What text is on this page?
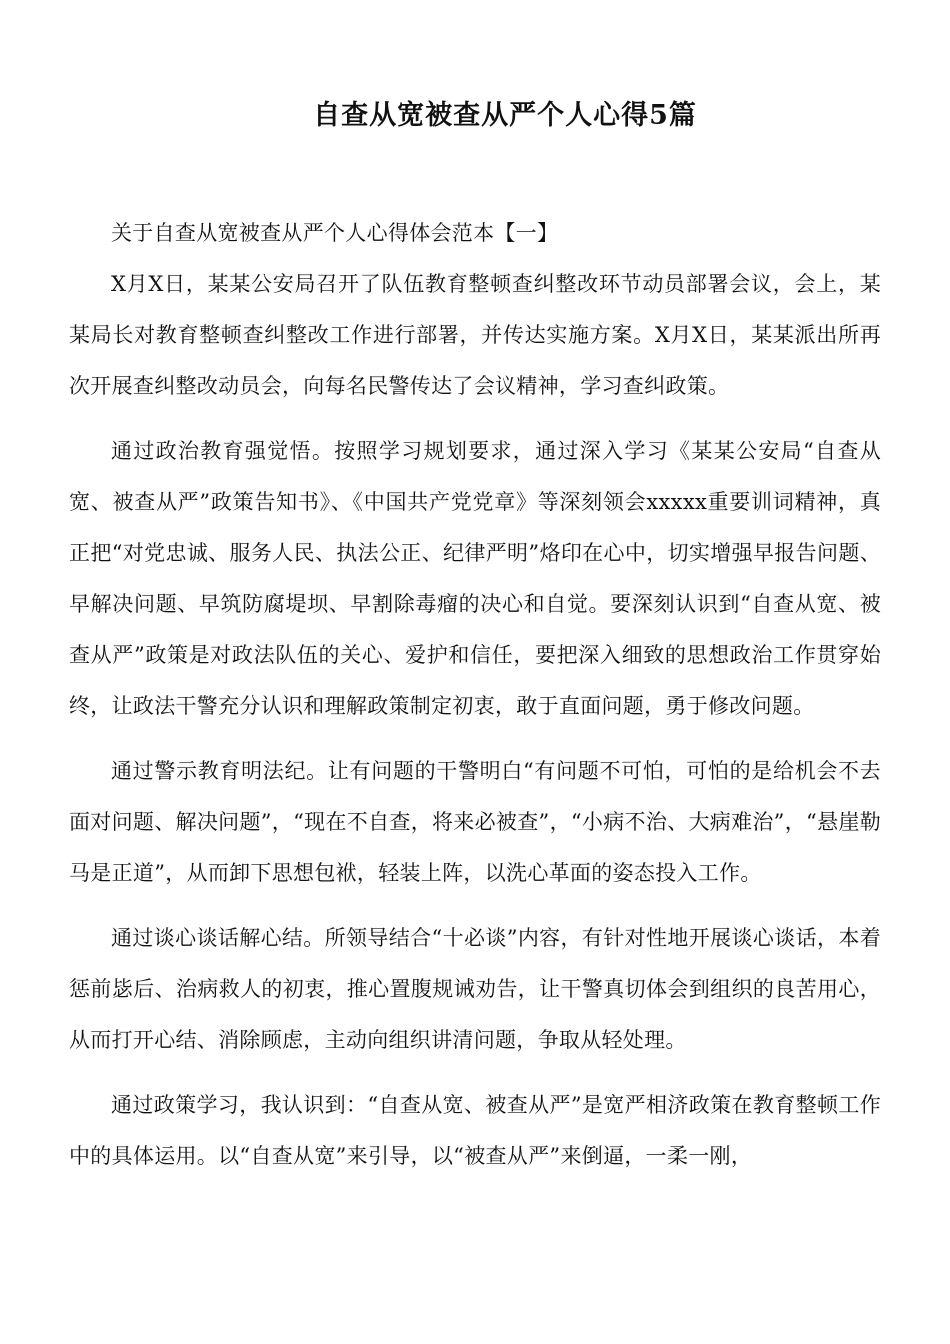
自查从宽被查从严个人心得5篇

关于自查从宽被查从严个人心得体会范本【一】

X月X日，某某公安局召开了队伍教育整顿查纠整改环节动员部署会议，会上，某某局长对教育整顿查纠整改工作进行部署，并传达实施方案。X月X日，某某派出所再次开展查纠整改动员会，向每名民警传达了会议精神，学习查纠政策。

通过政治教育强觉悟。按照学习规划要求，通过深入学习《某某公安局“自查从宽、被查从严”政策告知书》、《中国共产党党章》等深刻领会xxxxx重要训词精神，真正把“对党忠诚、服务人民、执法公正、纪律严明”烙印在心中，切实增强早报告问题、早解决问题、早筑防腐堤坝、早割除毒瘤的决心和自觉。要深刻认识到“自查从宽、被查从严”政策是对政法队伍的关心、爱护和信任，要把深入细致的思想政治工作贯穿始终，让政法干警充分认识和理解政策制定初衷，敢于直面问题，勇于修改问题。

通过警示教育明法纪。让有问题的干警明白“有问题不可怕，可怕的是给机会不去面对问题、解决问题”，“现在不自查，将来必被查”，“小病不治、大病难治”，“悬崖勒马是正道”，从而卸下思想包袱，轻装上阵，以洗心革面的姿态投入工作。

通过谈心谈话解心结。所领导结合“十必谈”内容，有针对性地开展谈心谈话，本着惩前毖后、治病救人的初衷，推心置腹规诫劝告，让干警真切体会到组织的良苦用心，从而打开心结、消除顾虑，主动向组织讲清问题，争取从轻处理。

通过政策学习，我认识到：“自查从宽、被查从严”是宽严相济政策在教育整顿工作中的具体运用。以“自查从宽”来引导，以“被查从严”来倒逼，一柔一刚，
